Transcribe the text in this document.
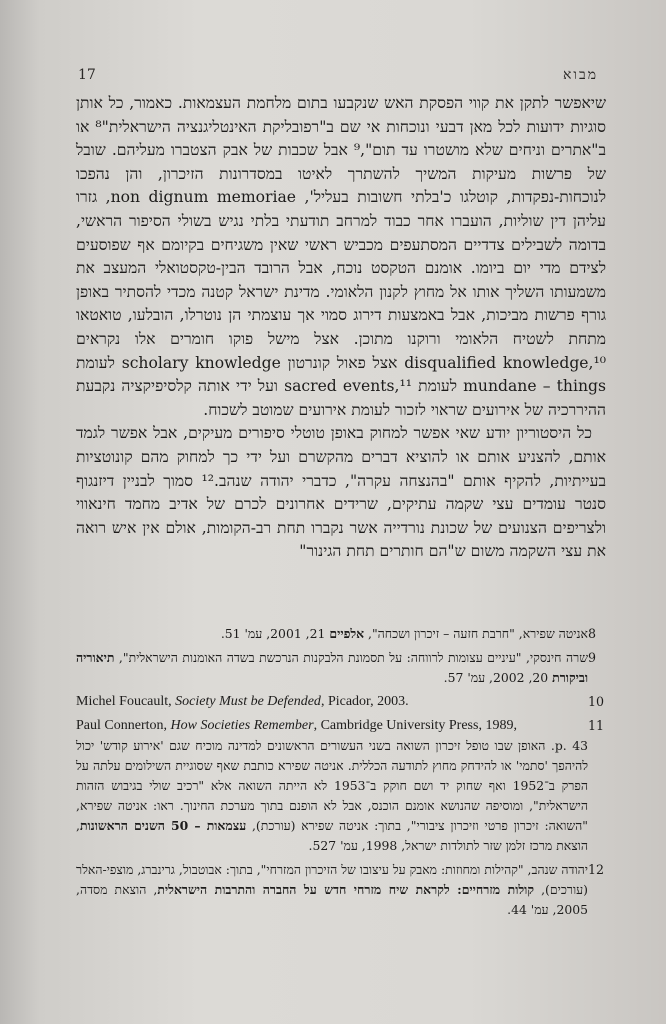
17	מבוא

שיאפשר לתקן את קווי הפסקת האש שנקבעו בתום מלחמת העצמאות. כאמור, כל אותן סוגיות ידועות לכל מאן דבעי ונוכחות אי שם ב"רפובליקת האינטליגנציה הישראלית"⁸ או ב"אתרים וניחים שלא מוש‍טרו עד תום",⁹ אבל שכבות של אבק הצטברו מעליהם. שובל של פרשות מעיקות המשיך להשתרך לאיטו במסדרונות הזיכרון, והן נהפכו לנוכחות-נפקדות, קוטלגו כ'בלתי חשובות בעליל', non dignum memoriae, גזרו עליהן דין שוליות, הועברו אחר כבוד למרחב תודעתי בלתי נגיש בשולי הסיפור הראשי, בדומה לשבילים צדדיים המסתעפים מכביש ראשי שאין משגיחים בקיומם אף שפוסעים לצידם מדי יום ביומו. אומנם הטקסט נוכח, אבל הרובד הבין-טקסטואלי המעצב את משמעותו השליך אותו אל מחוץ לקנון הלאומי. מדינת ישראל קטנה מכדי להסתיר באופן גורף פרשות מביכות, אבל באמצעות דירוג סמוי אך עוצמתי הן נוטרלו, הובלעו, טואטאו מתחת לשטיח הלאומי ורוקנו מתוכן. אצל מישל פוקו חומרים אלו נקראים disqualified knowledge,¹⁰ אצל פאול קונרטון scholary knowledge לעומת mundane – things לעומת sacred events,¹¹ ועל ידי אותה קלסיפיקציה נקבעת ההיררכיה של אירועים שראוי לזכור לעומת אירועים שמוטב לשכוח.

כל היסטוריון יודע שאי אפשר למחוק באופן טוטלי סיפורים מעיקים, אבל אפשר לגמד אותם, להצניע אותם או להוציא דברים מהקשרם ועל ידי כך למחוק מהם קונוטציות בעייתיות, להקיף אותם "בהנצחה עקרה", כדברי יהודה שנהב.¹² סמוך לבניין דיזנגוף סנטר עומדים עצי שקמה עתיקים, שרידים אחרונים לכרם של אדיב מחמד חינאווי ולצריפים הצנועים של שכונת נורדייה אשר נקברו תחת רב-הקומות, אולם אין איש רואה את עצי השקמה משום ש"הם חותרים תחת הגינור"

8
אניטה שפירא, "חרבת חזעה – זיכרון ושכחה", אלפיים 21, 2001, עמ' 51.
9
שרה חינסקי, "עיניים עצומות לרווחה: על תסמונת הלבקנות הנרכשת בשדה האומנות הישראלית", תיאוריה וביקורת 20, 2002, עמ' 57.
10
Michel Foucault, Society Must be Defended, Picador, 2003.
11
Paul Connerton, How Societies Remember, Cambridge University Press, 1989,
p. 43. האופן שבו טופל זיכרון השואה בשני העשורים הראשונים למדינה מוכיח שגם 'אירוע קודש' יכול להיהפך 'סתמי' או להידחק מחוץ לתודעה הכללית. אניטה שפירא כותבת שאף שסוגיית השילומים עלתה על הפרק ב־1952 ואף שחוק יד ושם חוקק ב־1953 לא הייתה השואה אלא "רכיב שולי בגיבוש הזהות הישראלית", ומוסיפה שהנושא אומנם הוכנס, אבל לא הופנם בתוך מערכת החינוך. ראו: אניטה שפירא, "השואה: זיכרון פרטי וזיכרון ציבורי", בתוך: אניטה שפירא (עורכת), עצמאות – 50 השנים הראשונות, הוצאת מרכז זלמן שזר לתולדות ישראל, 1998, עמ' 527.
12
יהודה שנהב, "קהילות ומחוזות: מאבק על עיצובו של הזיכרון המזרחי", בתוך: אבוטבול, גרינברג, מוצפי-האלר (עורכים), קולות מזרחיים: לקראת שיח מזרחי חדש על החברה והתרבות הישראלית, הוצאת מסדה, 2005, עמ' 44.
